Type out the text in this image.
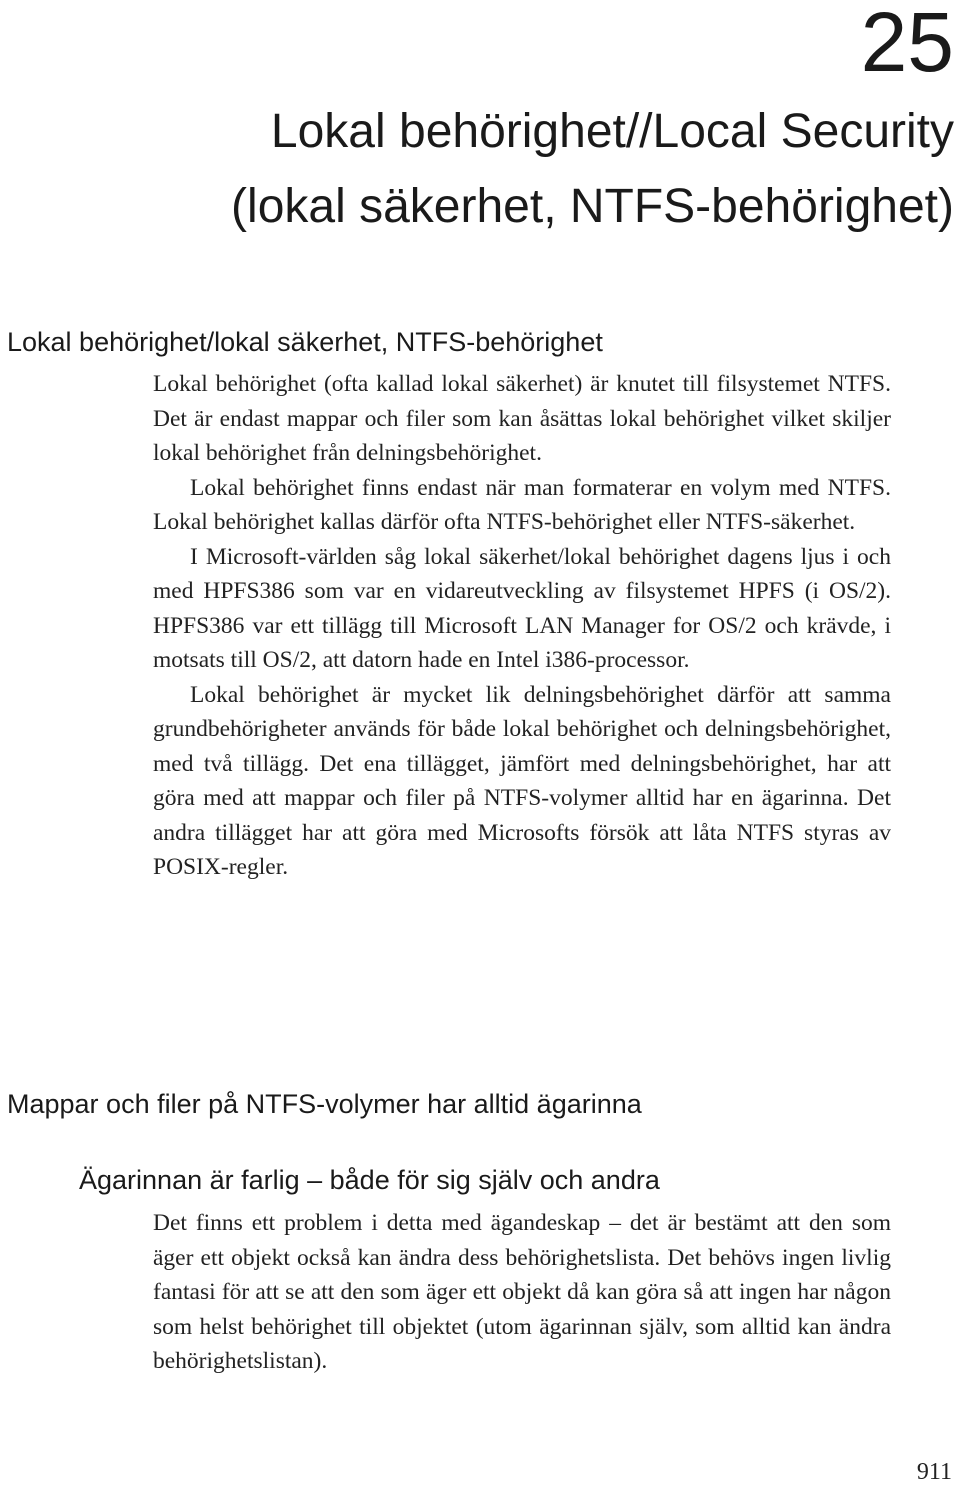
25
Lokal behörighet//Local Security
(lokal säkerhet, NTFS-behörighet)
Lokal behörighet/lokal säkerhet, NTFS-behörighet

Lokal behörighet (ofta kallad lokal säkerhet) är knutet till filsystemet NTFS. Det är endast mappar och filer som kan åsättas lokal behörighet vilket skiljer lokal behörighet från delningsbehörighet.

Lokal behörighet finns endast när man formaterar en volym med NTFS. Lokal behörighet kallas därför ofta NTFS-behörighet eller NTFS-säkerhet.

I Microsoft-världen såg lokal säkerhet/lokal behörighet dagens ljus i och med HPFS386 som var en vidareutveckling av filsystemet HPFS (i OS/2). HPFS386 var ett tillägg till Microsoft LAN Manager for OS/2 och krävde, i motsats till OS/2, att datorn hade en Intel i386-processor.

Lokal behörighet är mycket lik delningsbehörighet därför att samma grundbehörigheter används för både lokal behörighet och delningsbehörighet, med två tillägg. Det ena tillägget, jämfört med delningsbehörighet, har att göra med att mappar och filer på NTFS-volymer alltid har en ägarinna. Det andra tillägget har att göra med Microsofts försök att låta NTFS styras av POSIX-regler.

Mappar och filer på NTFS-volymer har alltid ägarinna
Ägarinnan är farlig – både för sig själv och andra

Det finns ett problem i detta med ägandeskap – det är bestämt att den som äger ett objekt också kan ändra dess behörighetslista. Det behövs ingen livlig fantasi för att se att den som äger ett objekt då kan göra så att ingen har någon som helst behörighet till objektet (utom ägarinnan själv, som alltid kan ändra behörighetslistan).

911
